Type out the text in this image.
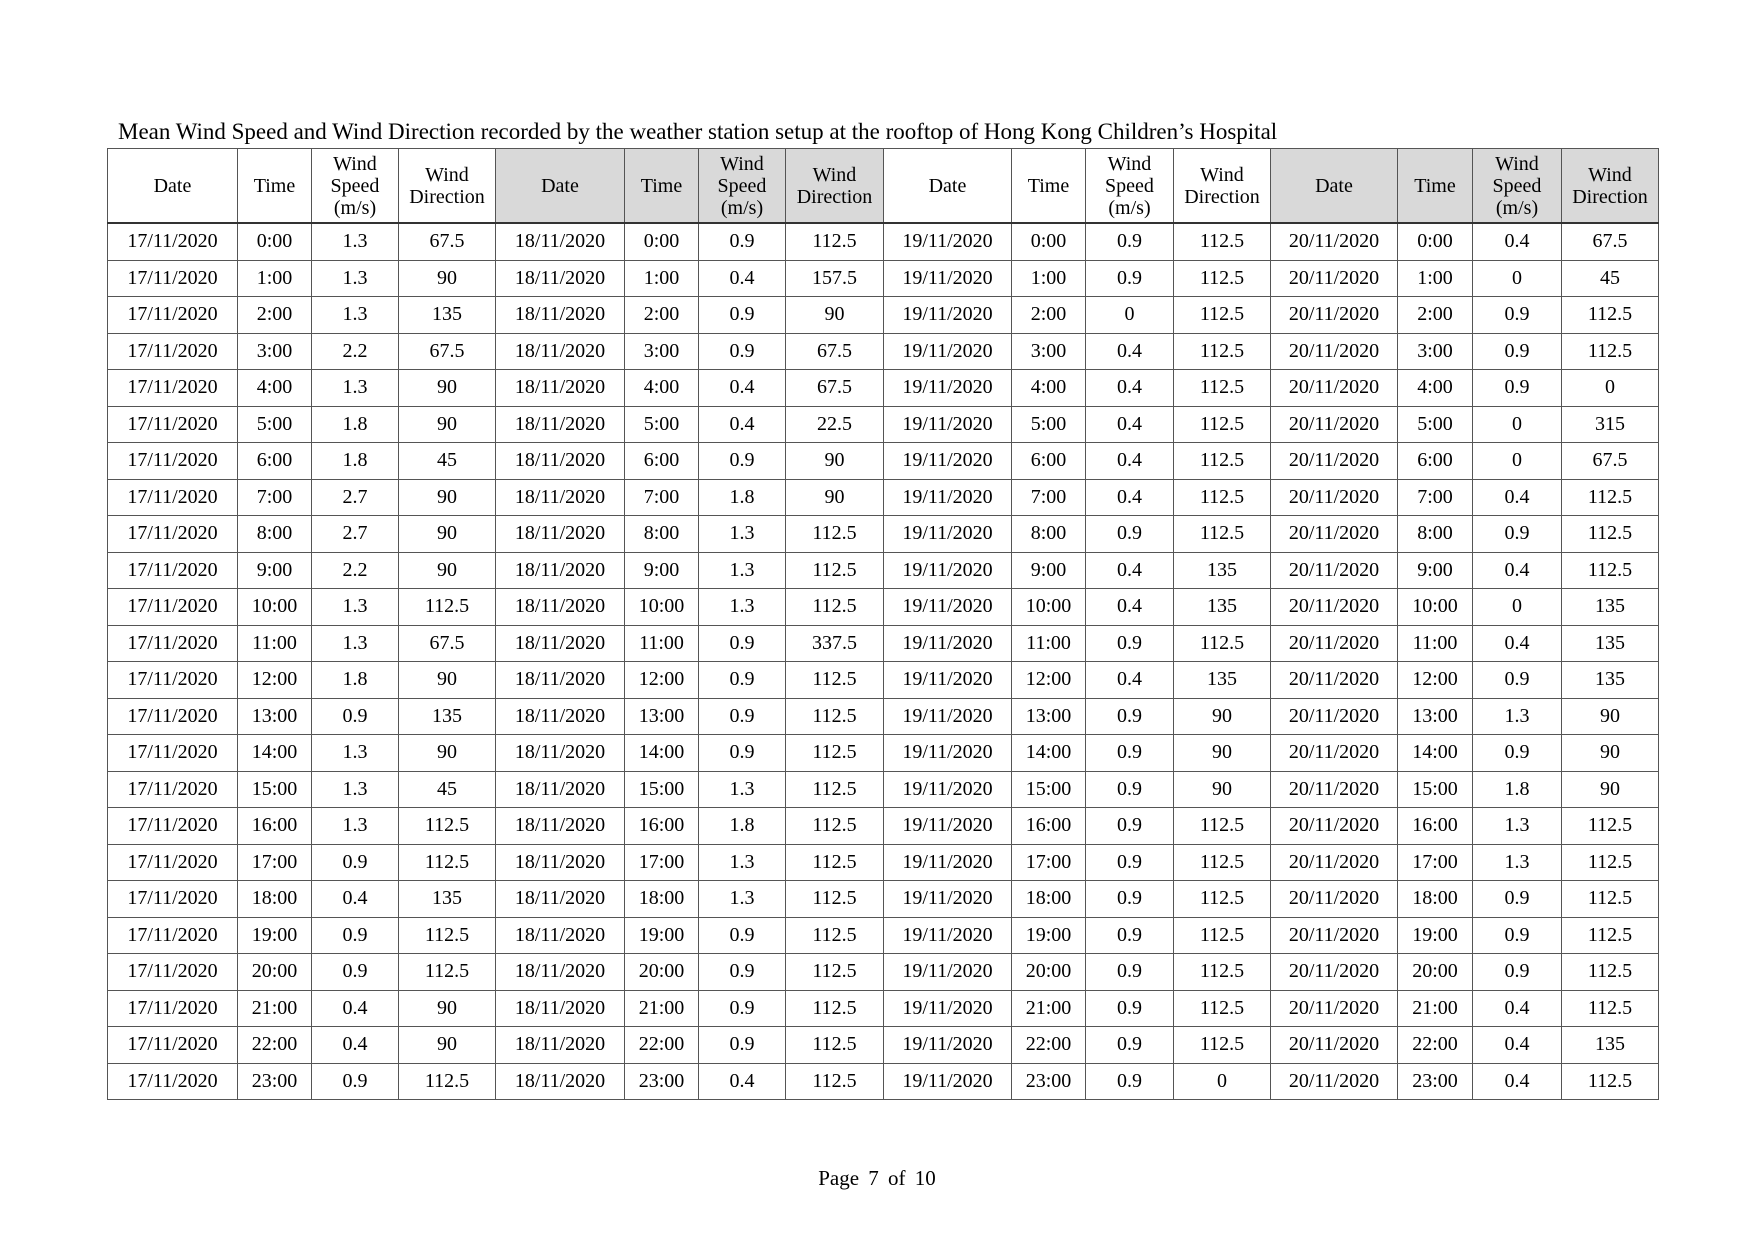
Mean Wind Speed and Wind Direction recorded by the weather station setup at the rooftop of Hong Kong Children’s Hospital
Date	Time	Wind Speed (m/s)	Wind Direction	Date	Time	Wind Speed (m/s)	Wind Direction	Date	Time	Wind Speed (m/s)	Wind Direction	Date	Time	Wind Speed (m/s)	Wind Direction
17/11/2020	0:00	1.3	67.5	18/11/2020	0:00	0.9	112.5	19/11/2020	0:00	0.9	112.5	20/11/2020	0:00	0.4	67.5
17/11/2020	1:00	1.3	90	18/11/2020	1:00	0.4	157.5	19/11/2020	1:00	0.9	112.5	20/11/2020	1:00	0	45
17/11/2020	2:00	1.3	135	18/11/2020	2:00	0.9	90	19/11/2020	2:00	0	112.5	20/11/2020	2:00	0.9	112.5
17/11/2020	3:00	2.2	67.5	18/11/2020	3:00	0.9	67.5	19/11/2020	3:00	0.4	112.5	20/11/2020	3:00	0.9	112.5
17/11/2020	4:00	1.3	90	18/11/2020	4:00	0.4	67.5	19/11/2020	4:00	0.4	112.5	20/11/2020	4:00	0.9	0
17/11/2020	5:00	1.8	90	18/11/2020	5:00	0.4	22.5	19/11/2020	5:00	0.4	112.5	20/11/2020	5:00	0	315
17/11/2020	6:00	1.8	45	18/11/2020	6:00	0.9	90	19/11/2020	6:00	0.4	112.5	20/11/2020	6:00	0	67.5
17/11/2020	7:00	2.7	90	18/11/2020	7:00	1.8	90	19/11/2020	7:00	0.4	112.5	20/11/2020	7:00	0.4	112.5
17/11/2020	8:00	2.7	90	18/11/2020	8:00	1.3	112.5	19/11/2020	8:00	0.9	112.5	20/11/2020	8:00	0.9	112.5
17/11/2020	9:00	2.2	90	18/11/2020	9:00	1.3	112.5	19/11/2020	9:00	0.4	135	20/11/2020	9:00	0.4	112.5
17/11/2020	10:00	1.3	112.5	18/11/2020	10:00	1.3	112.5	19/11/2020	10:00	0.4	135	20/11/2020	10:00	0	135
17/11/2020	11:00	1.3	67.5	18/11/2020	11:00	0.9	337.5	19/11/2020	11:00	0.9	112.5	20/11/2020	11:00	0.4	135
17/11/2020	12:00	1.8	90	18/11/2020	12:00	0.9	112.5	19/11/2020	12:00	0.4	135	20/11/2020	12:00	0.9	135
17/11/2020	13:00	0.9	135	18/11/2020	13:00	0.9	112.5	19/11/2020	13:00	0.9	90	20/11/2020	13:00	1.3	90
17/11/2020	14:00	1.3	90	18/11/2020	14:00	0.9	112.5	19/11/2020	14:00	0.9	90	20/11/2020	14:00	0.9	90
17/11/2020	15:00	1.3	45	18/11/2020	15:00	1.3	112.5	19/11/2020	15:00	0.9	90	20/11/2020	15:00	1.8	90
17/11/2020	16:00	1.3	112.5	18/11/2020	16:00	1.8	112.5	19/11/2020	16:00	0.9	112.5	20/11/2020	16:00	1.3	112.5
17/11/2020	17:00	0.9	112.5	18/11/2020	17:00	1.3	112.5	19/11/2020	17:00	0.9	112.5	20/11/2020	17:00	1.3	112.5
17/11/2020	18:00	0.4	135	18/11/2020	18:00	1.3	112.5	19/11/2020	18:00	0.9	112.5	20/11/2020	18:00	0.9	112.5
17/11/2020	19:00	0.9	112.5	18/11/2020	19:00	0.9	112.5	19/11/2020	19:00	0.9	112.5	20/11/2020	19:00	0.9	112.5
17/11/2020	20:00	0.9	112.5	18/11/2020	20:00	0.9	112.5	19/11/2020	20:00	0.9	112.5	20/11/2020	20:00	0.9	112.5
17/11/2020	21:00	0.4	90	18/11/2020	21:00	0.9	112.5	19/11/2020	21:00	0.9	112.5	20/11/2020	21:00	0.4	112.5
17/11/2020	22:00	0.4	90	18/11/2020	22:00	0.9	112.5	19/11/2020	22:00	0.9	112.5	20/11/2020	22:00	0.4	135
17/11/2020	23:00	0.9	112.5	18/11/2020	23:00	0.4	112.5	19/11/2020	23:00	0.9	0	20/11/2020	23:00	0.4	112.5
Page 7 of 10
